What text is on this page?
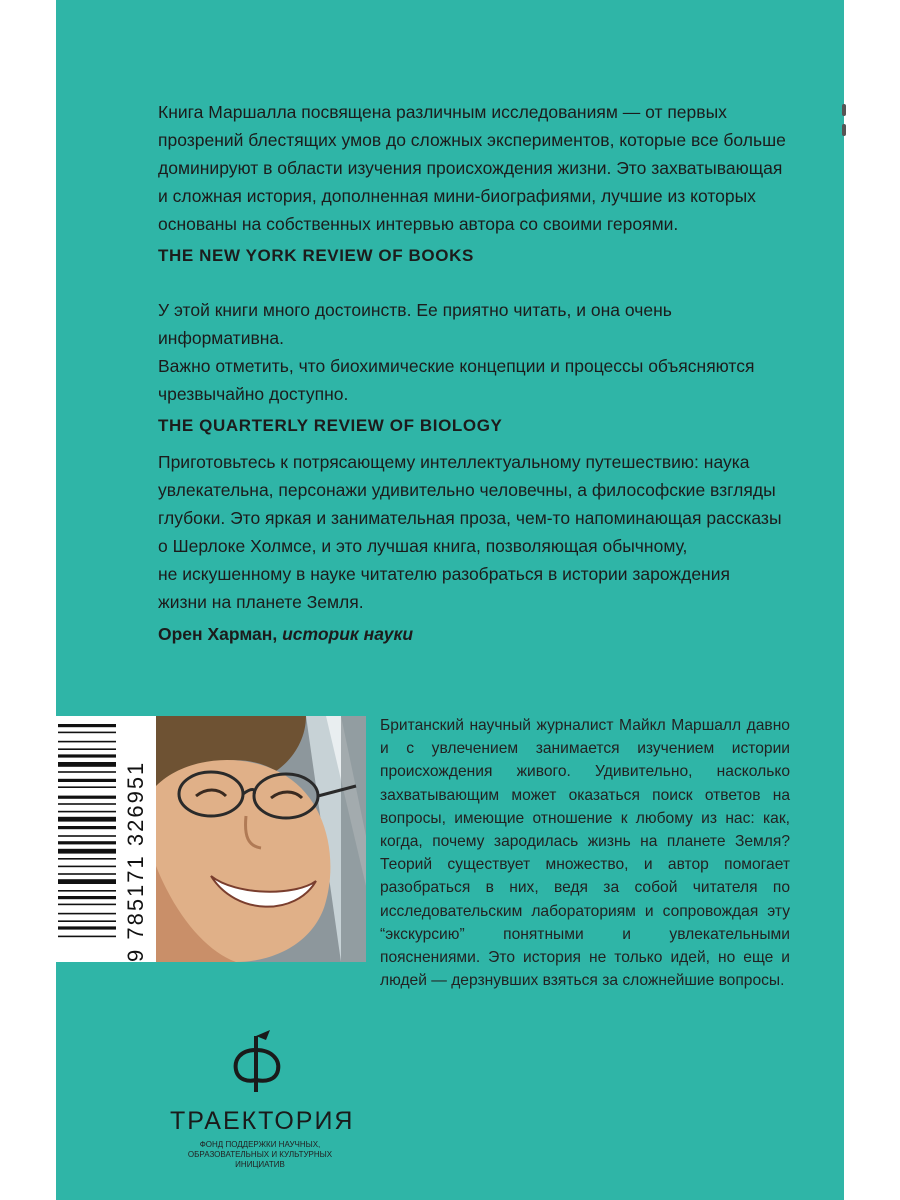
Книга Маршалла посвящена различным исследованиям — от первых
прозрений блестящих умов до сложных экспериментов, которые все больше
доминируют в области изучения происхождения жизни. Это захватывающая
и сложная история, дополненная мини-биографиями, лучшие из которых
основаны на собственных интервью автора со своими героями.

THE NEW YORK REVIEW OF BOOKS

У этой книги много достоинств. Ее приятно читать, и она очень информативна.
Важно отметить, что биохимические концепции и процессы объясняются
чрезвычайно доступно.

THE QUARTERLY REVIEW OF BIOLOGY

Приготовьтесь к потрясающему интеллектуальному путешествию: наука
увлекательна, персонажи удивительно человечны, а философские взгляды
глубоки. Это яркая и занимательная проза, чем-то напоминающая рассказы
о Шерлоке Холмсе, и это лучшая книга, позволяющая обычному,
не искушенному в науке читателю разобраться в истории зарождения
жизни на планете Земля.

Орен Харман, историк науки
9 785171 326951

Британский научный журналист Майкл Маршалл давно и с увлечением занимается изучением истории происхождения живого. Удивительно, насколько захватывающим может оказаться поиск ответов на вопросы, имеющие отношение к любому из нас: как, когда, почему зародилась жизнь на планете Земля? Теорий существует множество, и автор помогает разобраться в них, ведя за собой читателя по исследовательским лабораториям и сопровождая эту “экскурсию” понятными и увлекательными пояснениями. Это история не только идей, но еще и людей — дерзнувших взяться за сложнейшие вопросы.

ТРАЕКТОРИЯ
ФОНД ПОДДЕРЖКИ НАУЧНЫХ,
ОБРАЗОВАТЕЛЬНЫХ И КУЛЬТУРНЫХ
ИНИЦИАТИВ
